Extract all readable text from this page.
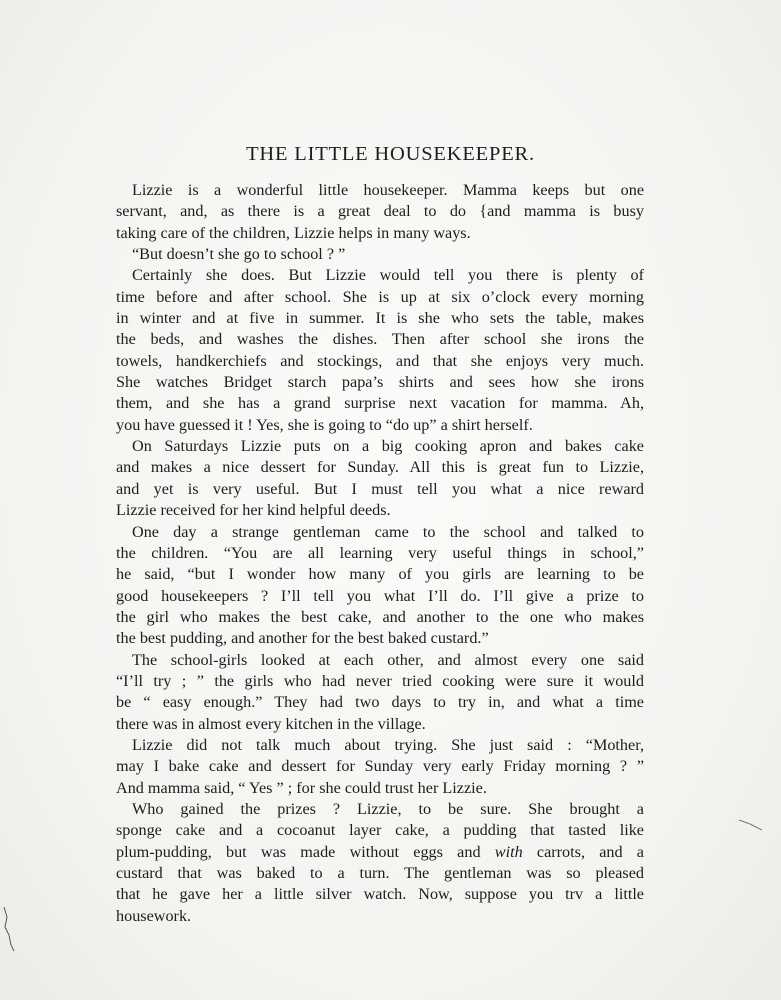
THE LITTLE HOUSEKEEPER.
Lizzie is a wonderful little housekeeper. Mamma keeps but one
servant, and, as there is a great deal to do {and mamma is busy
taking care of the children, Lizzie helps in many ways.
“But doesn’t she go to school ? ”
Certainly she does. But Lizzie would tell you there is plenty of
time before and after school. She is up at six o’clock every morning
in winter and at five in summer. It is she who sets the table, makes
the beds, and washes the dishes. Then after school she irons the
towels, handkerchiefs and stockings, and that she enjoys very much.
She watches Bridget starch papa’s shirts and sees how she irons
them, and she has a grand surprise next vacation for mamma. Ah,
you have guessed it ! Yes, she is going to “do up” a shirt herself.
On Saturdays Lizzie puts on a big cooking apron and bakes cake
and makes a nice dessert for Sunday. All this is great fun to Lizzie,
and yet is very useful. But I must tell you what a nice reward
Lizzie received for her kind helpful deeds.
One day a strange gentleman came to the school and talked to
the children. “You are all learning very useful things in school,”
he said, “but I wonder how many of you girls are learning to be
good housekeepers ? I’ll tell you what I’ll do. I’ll give a prize to
the girl who makes the best cake, and another to the one who makes
the best pudding, and another for the best baked custard.”
The school-girls looked at each other, and almost every one said
“I’ll try ; ” the girls who had never tried cooking were sure it would
be “ easy enough.” They had two days to try in, and what a time
there was in almost every kitchen in the village.
Lizzie did not talk much about trying. She just said : “Mother,
may I bake cake and dessert for Sunday very early Friday morning ? ”
And mamma said, “ Yes ” ; for she could trust her Lizzie.
Who gained the prizes ? Lizzie, to be sure. She brought a
sponge cake and a cocoanut layer cake, a pudding that tasted like
plum-pudding, but was made without eggs and with carrots, and a
custard that was baked to a turn. The gentleman was so pleased
that he gave her a little silver watch. Now, suppose you trv a little
housework.
